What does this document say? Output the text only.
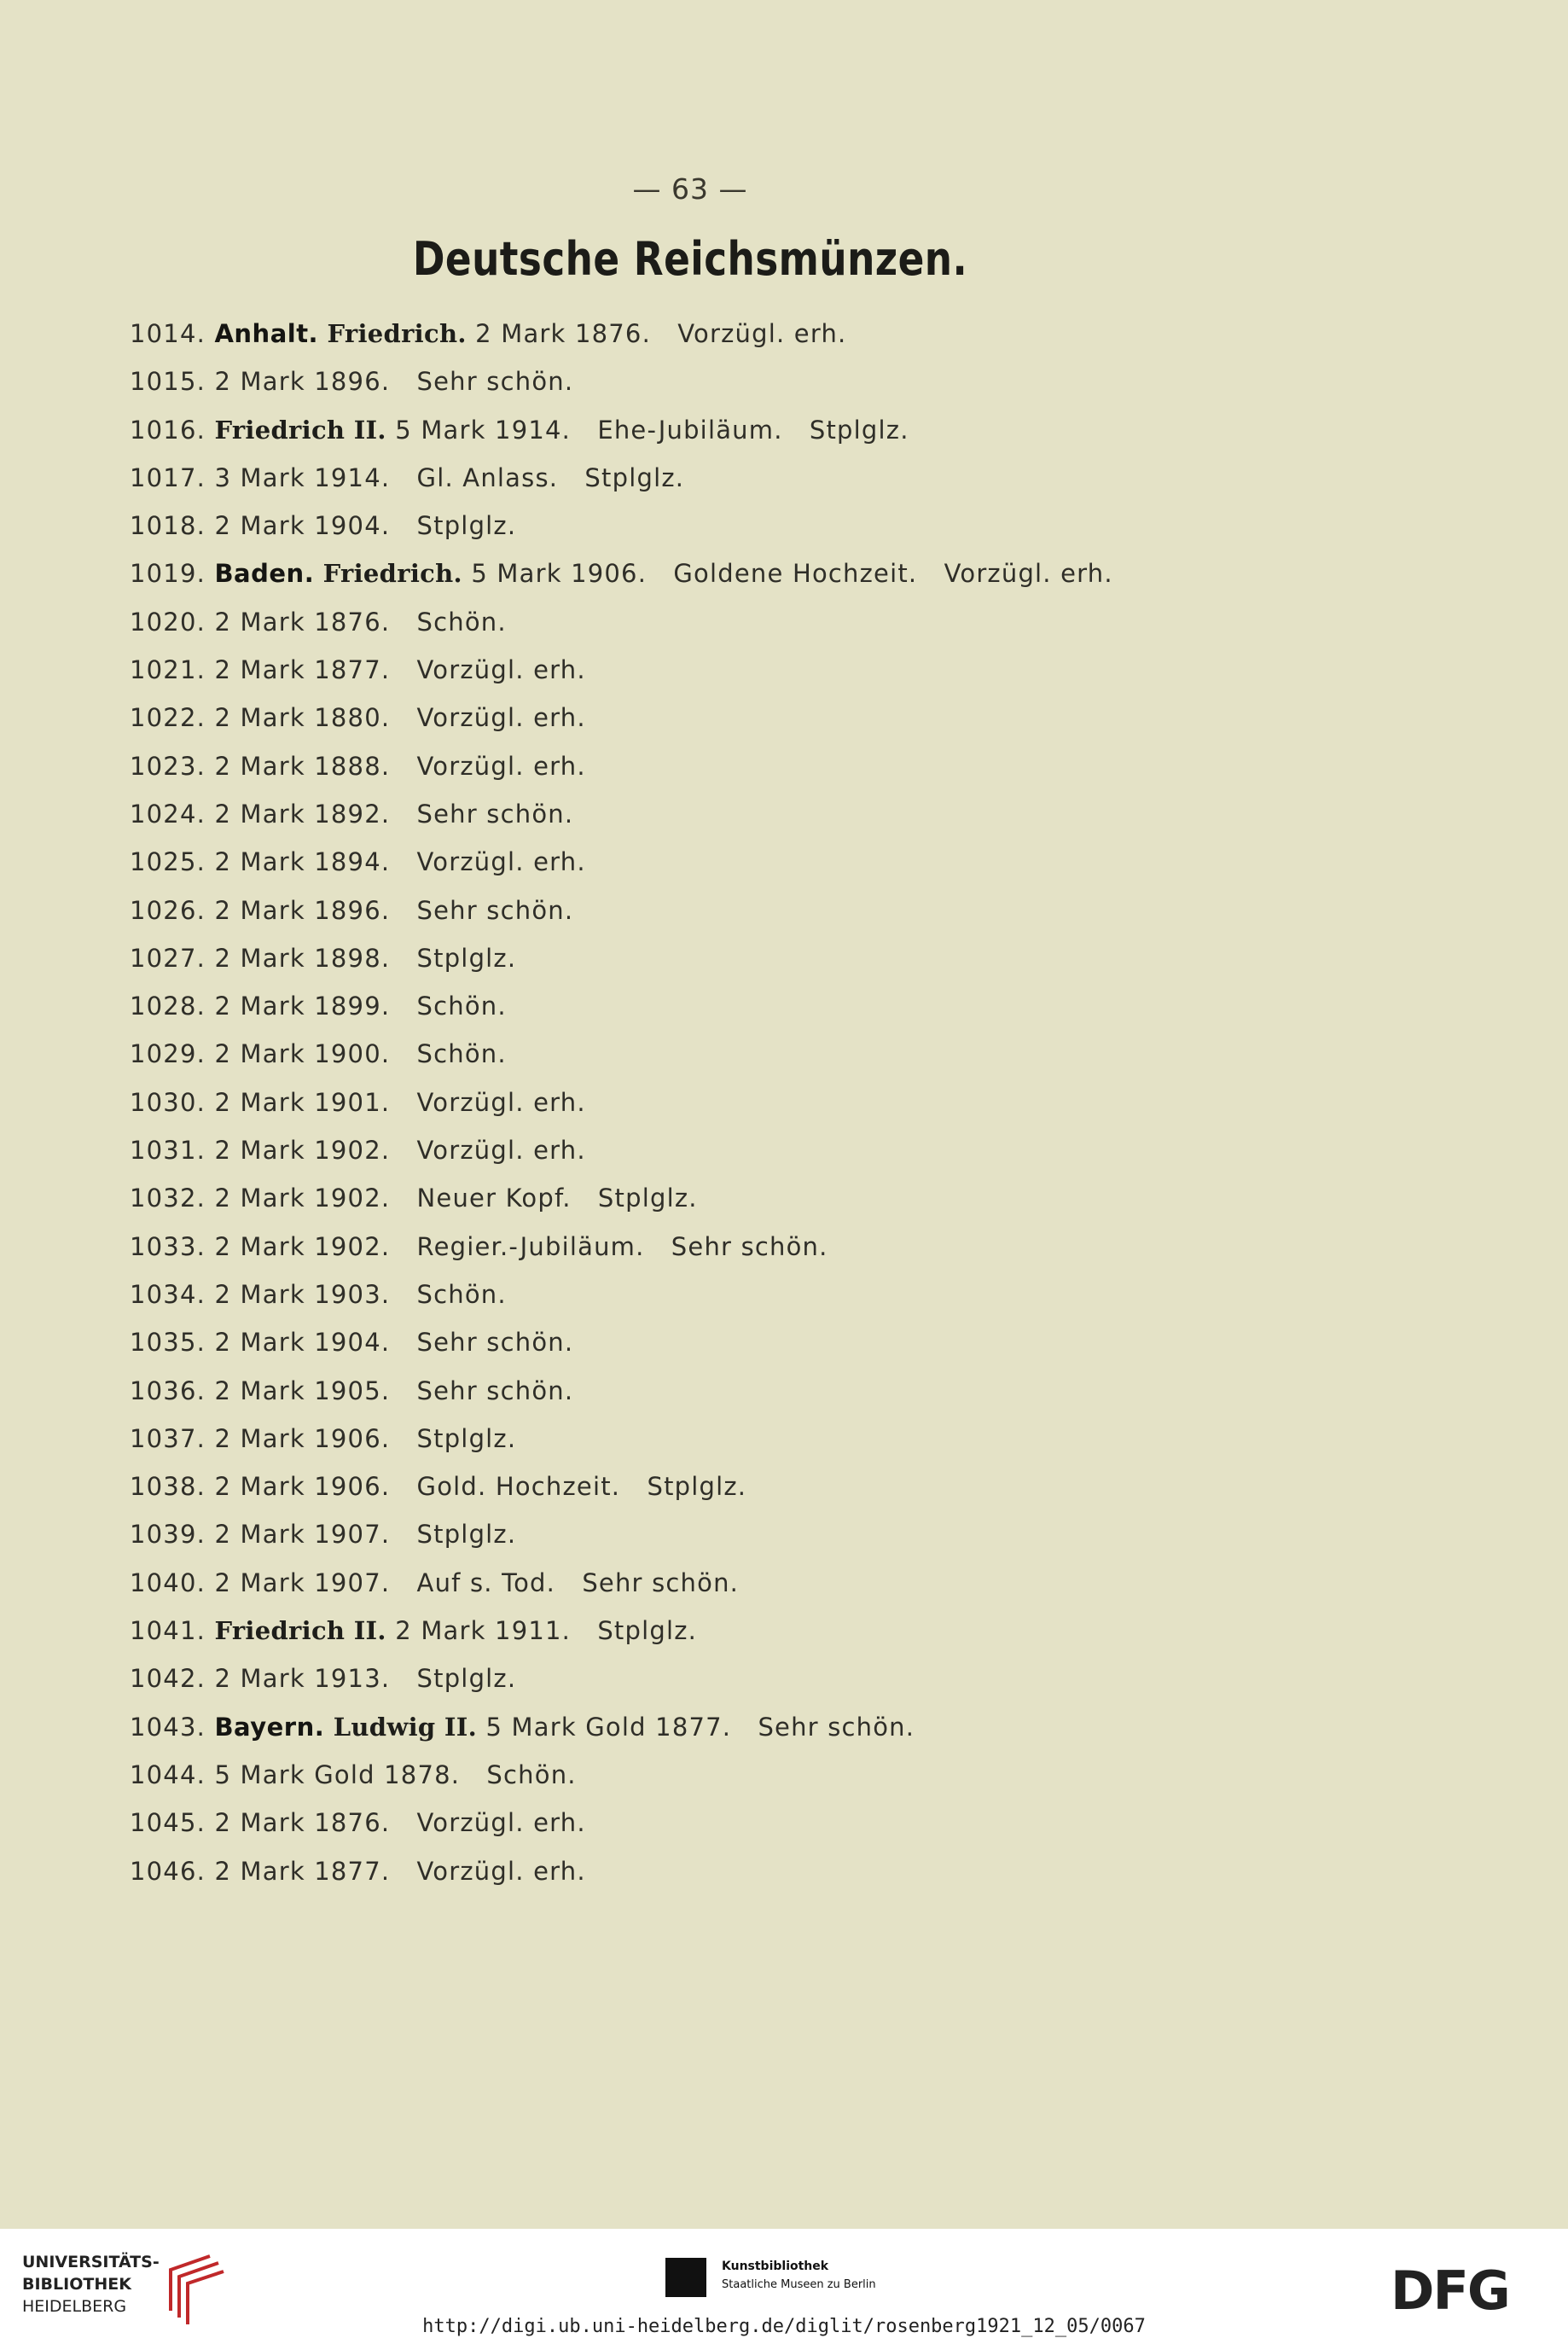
— 63 —
Deutsche Reichsmünzen.
1014. Anhalt. Friedrich. 2 Mark 1876.   Vorzügl. erh.
1015. 2 Mark 1896.   Sehr schön.
1016. Friedrich II. 5 Mark 1914.   Ehe-Jubiläum.   Stplglz.
1017. 3 Mark 1914.   Gl. Anlass.   Stplglz.
1018. 2 Mark 1904.   Stplglz.
1019. Baden. Friedrich. 5 Mark 1906.   Goldene Hochzeit.   Vorzügl. erh.
1020. 2 Mark 1876.   Schön.
1021. 2 Mark 1877.   Vorzügl. erh.
1022. 2 Mark 1880.   Vorzügl. erh.
1023. 2 Mark 1888.   Vorzügl. erh.
1024. 2 Mark 1892.   Sehr schön.
1025. 2 Mark 1894.   Vorzügl. erh.
1026. 2 Mark 1896.   Sehr schön.
1027. 2 Mark 1898.   Stplglz.
1028. 2 Mark 1899.   Schön.
1029. 2 Mark 1900.   Schön.
1030. 2 Mark 1901.   Vorzügl. erh.
1031. 2 Mark 1902.   Vorzügl. erh.
1032. 2 Mark 1902.   Neuer Kopf.   Stplglz.
1033. 2 Mark 1902.   Regier.-Jubiläum.   Sehr schön.
1034. 2 Mark 1903.   Schön.
1035. 2 Mark 1904.   Sehr schön.
1036. 2 Mark 1905.   Sehr schön.
1037. 2 Mark 1906.   Stplglz.
1038. 2 Mark 1906.   Gold. Hochzeit.   Stplglz.
1039. 2 Mark 1907.   Stplglz.
1040. 2 Mark 1907.   Auf s. Tod.   Sehr schön.
1041. Friedrich II. 2 Mark 1911.   Stplglz.
1042. 2 Mark 1913.   Stplglz.
1043. Bayern. Ludwig II. 5 Mark Gold 1877.   Sehr schön.
1044. 5 Mark Gold 1878.   Schön.
1045. 2 Mark 1876.   Vorzügl. erh.
1046. 2 Mark 1877.   Vorzügl. erh.
UNIVERSITÄTS-
BIBLIOTHEK
HEIDELBERG
Kunstbibliothek
Staatliche Museen zu Berlin	DFG
http://digi.ub.uni-heidelberg.de/diglit/rosenberg1921_12_05/0067
